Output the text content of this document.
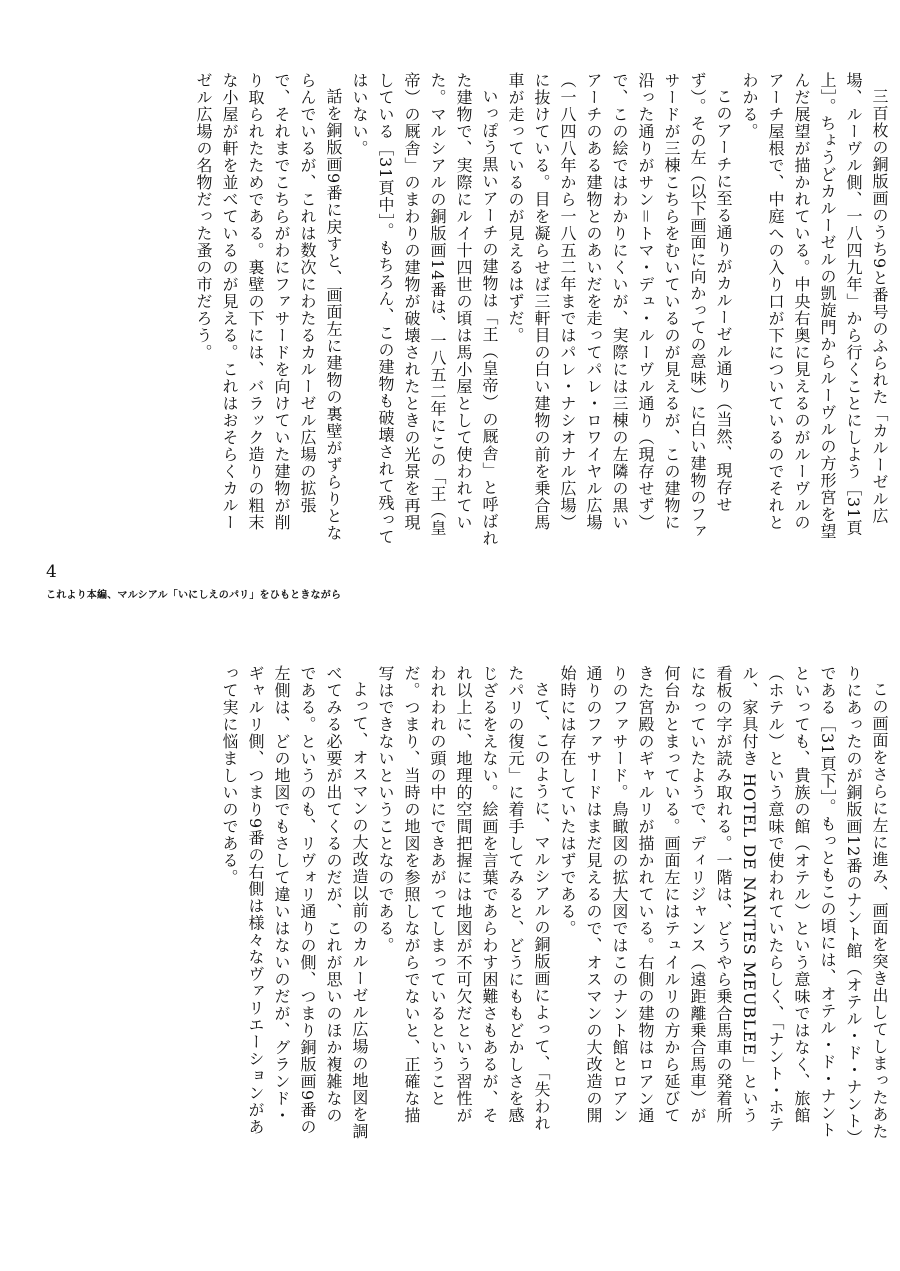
三百枚の銅版画のうち9と番号のふられた「カルーゼル広場、ルーヴル側、一八四九年」から行くことにしよう［31頁上］。ちょうどカルーゼルの凱旋門からルーヴルの方形宮を望んだ展望が描かれている。中央右奥に見えるのがルーヴルのアーチ屋根で、中庭への入り口が下についているのでそれとわかる。

このアーチに至る通りがカルーゼル通り（当然、現存せず）。その左（以下画面に向かっての意味）に白い建物のファサードが三棟こちらをむいているのが見えるが、この建物に沿った通りがサン＝トマ・デュ・ルーヴル通り（現存せず）で、この絵ではわかりにくいが、実際には三棟の左隣の黒いアーチのある建物とのあいだを走ってパレ・ロワイヤル広場（一八四八年から一八五二年まではパレ・ナシオナル広場）に抜けている。目を凝らせば三軒目の白い建物の前を乗合馬車が走っているのが見えるはずだ。

いっぽう黒いアーチの建物は「王（皇帝）の厩舎」と呼ばれた建物で、実際にルイ十四世の頃は馬小屋として使われていた。マルシアルの銅版画14番は、一八五二年にこの「王（皇帝）の厩舎」のまわりの建物が破壊されたときの光景を再現している［31頁中］。もちろん、この建物も破壊されて残ってはいない。

話を銅版画9番に戻すと、画面左に建物の裏壁がずらりとならんでいるが、これは数次にわたるカルーゼル広場の拡張で、それまでこちらがわにファサードを向けていた建物が削り取られたためである。裏壁の下には、バラック造りの粗末な小屋が軒を並べているのが見える。これはおそらくカルーゼル広場の名物だった蚤の市だろう。

4
これより本編、マルシアル「いにしえのパリ」をひもときながら

この画面をさらに左に進み、画面を突き出してしまったあたりにあったのが銅版画12番のナント館（オテル・ド・ナント）である［31頁下］。もっともこの頃には、オテル・ド・ナントといっても、貴族の館（オテル）という意味ではなく、旅館（ホテル）という意味で使われていたらしく、「ナント・ホテル、家具付き HOTEL DE NANTES MEUBLEE」という看板の字が読み取れる。一階は、どうやら乗合馬車の発着所になっていたようで、ディリジャンス（遠距離乗合馬車）が何台かとまっている。画面左にはテュイルリの方から延びてきた宮殿のギャルリが描かれている。右側の建物はロアン通りのファサード。鳥瞰図の拡大図ではこのナント館とロアン通りのファサードはまだ見えるので、オスマンの大改造の開始時には存在していたはずである。

さて、このように、マルシアルの銅版画によって、「失われたパリの復元」に着手してみると、どうにももどかしさを感じざるをえない。絵画を言葉であらわす困難さもあるが、それ以上に、地理的空間把握には地図が不可欠だという習性がわれわれの頭の中にできあがってしまっているということだ。つまり、当時の地図を参照しながらでないと、正確な描写はできないということなのである。

よって、オスマンの大改造以前のカルーゼル広場の地図を調べてみる必要が出てくるのだが、これが思いのほか複雑なのである。というのも、リヴォリ通りの側、つまり銅版画9番の左側は、どの地図でもさして違いはないのだが、グランド・ギャルリ側、つまり9番の右側は様々なヴァリエーションがあって実に悩ましいのである。
